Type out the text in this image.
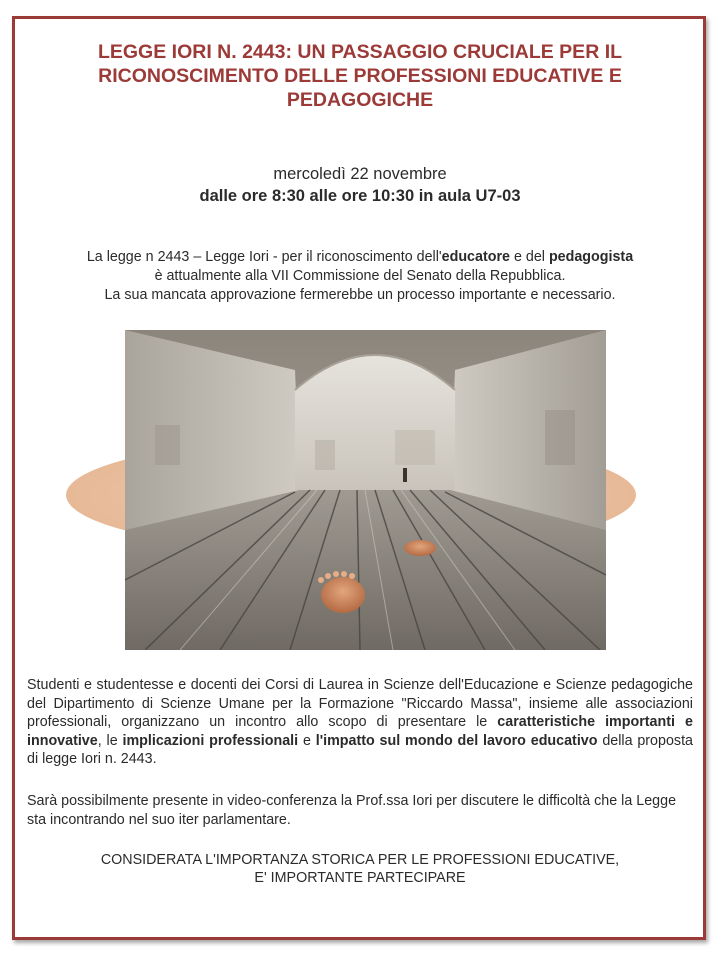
LEGGE IORI N. 2443: UN PASSAGGIO CRUCIALE PER IL
RICONOSCIMENTO DELLE PROFESSIONI EDUCATIVE E
PEDAGOGICHE
mercoledì 22 novembre
dalle ore 8:30 alle ore 10:30 in aula U7-03
La legge n 2443 – Legge Iori - per il riconoscimento dell'educatore e del pedagogista
è attualmente alla VII Commissione del Senato della Repubblica.
La sua mancata approvazione fermerebbe un processo importante e necessario.

Studenti e studentesse e docenti dei Corsi di Laurea in Scienze dell'Educazione e Scienze pedagogiche del Dipartimento di Scienze Umane per la Formazione "Riccardo Massa", insieme alle associazioni professionali, organizzano un incontro allo scopo di presentare le caratteristiche importanti e innovative, le implicazioni professionali e l'impatto sul mondo del lavoro educativo della proposta di legge Iori n. 2443.

Sarà possibilmente presente in video-conferenza la Prof.ssa Iori per discutere le difficoltà che la Legge sta incontrando nel suo iter parlamentare.

CONSIDERATA L'IMPORTANZA STORICA PER LE PROFESSIONI EDUCATIVE,
E' IMPORTANTE PARTECIPARE
